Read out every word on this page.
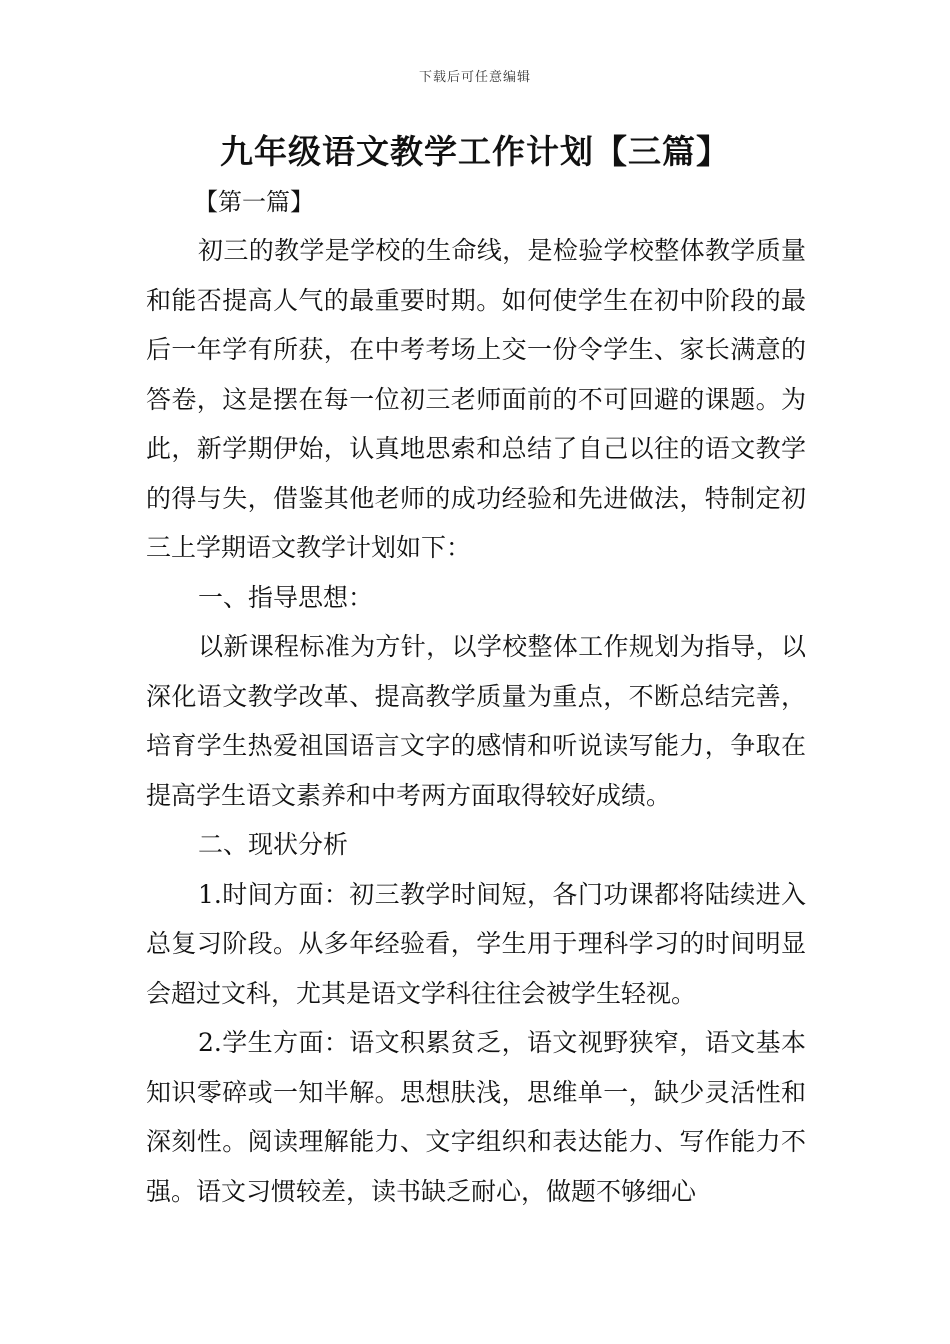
下载后可任意编辑
九年级语文教学工作计划【三篇】

【第一篇】

初三的教学是学校的生命线，是检验学校整体教学质量和能否提高人气的最重要时期。如何使学生在初中阶段的最后一年学有所获，在中考考场上交一份令学生、家长满意的答卷，这是摆在每一位初三老师面前的不可回避的课题。为此，新学期伊始，认真地思索和总结了自己以往的语文教学的得与失，借鉴其他老师的成功经验和先进做法，特制定初三上学期语文教学计划如下：

一、指导思想：

以新课程标准为方针，以学校整体工作规划为指导，以深化语文教学改革、提高教学质量为重点，不断总结完善，培育学生热爱祖国语言文字的感情和听说读写能力，争取在提高学生语文素养和中考两方面取得较好成绩。

二、现状分析

1.时间方面：初三教学时间短，各门功课都将陆续进入总复习阶段。从多年经验看，学生用于理科学习的时间明显会超过文科，尤其是语文学科往往会被学生轻视。

2.学生方面：语文积累贫乏，语文视野狭窄，语文基本知识零碎或一知半解。思想肤浅，思维单一，缺少灵活性和深刻性。阅读理解能力、文字组织和表达能力、写作能力不强。语文习惯较差，读书缺乏耐心，做题不够细心
